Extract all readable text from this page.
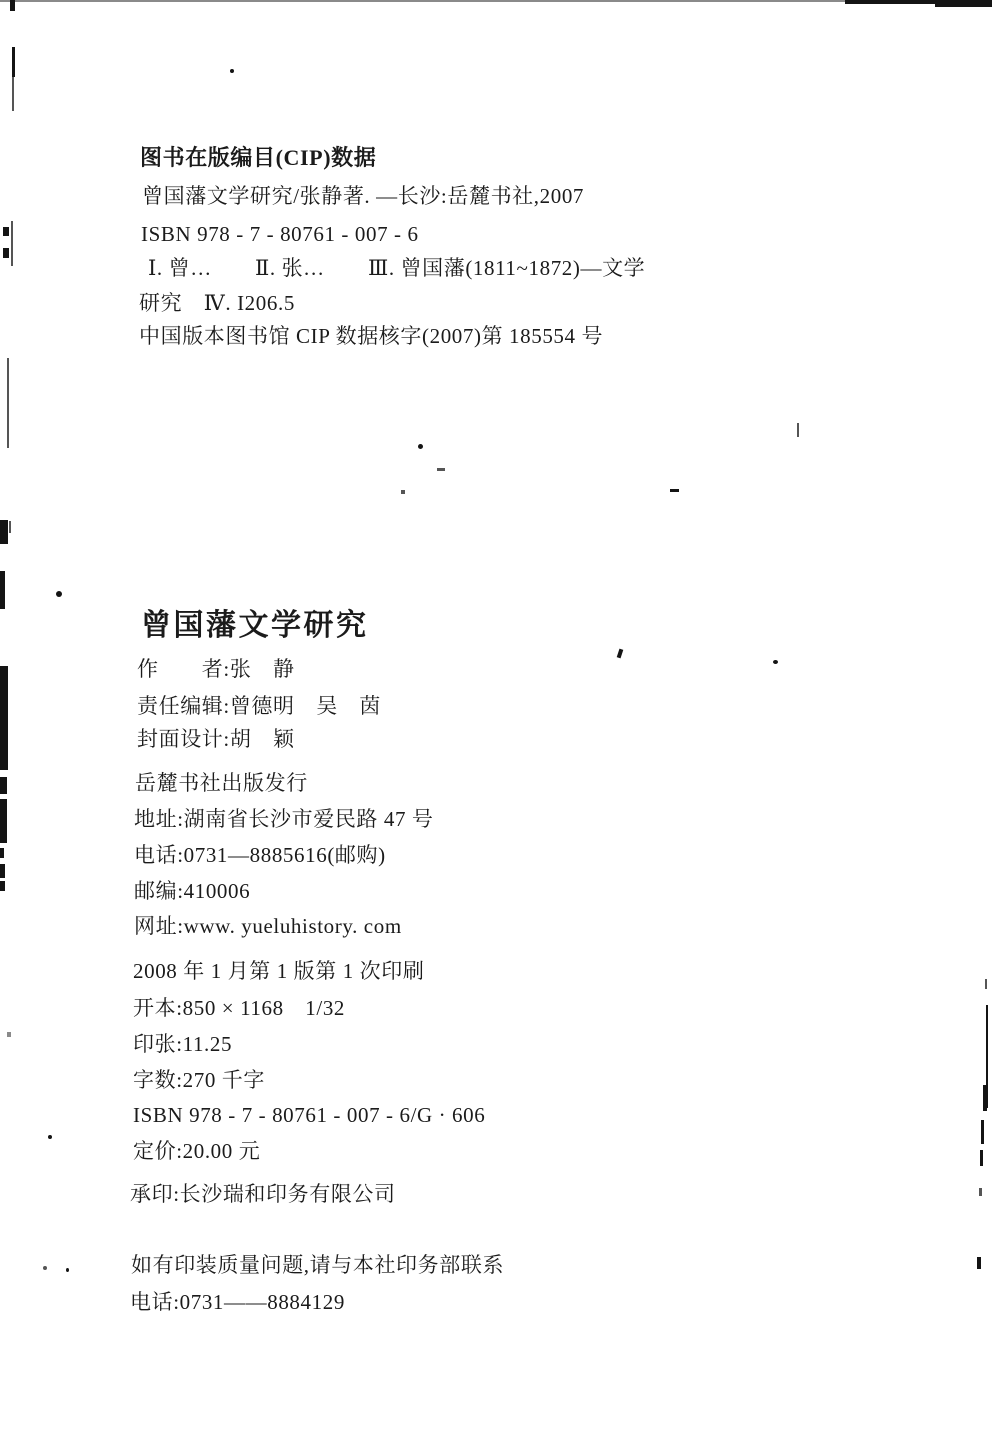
图书在版编目(CIP)数据
曾国藩文学研究/张静著. —长沙:岳麓书社,2007
ISBN 978 - 7 - 80761 - 007 - 6
Ⅰ. 曾…　　Ⅱ. 张…　　Ⅲ. 曾国藩(1811~1872)—文学
研究　Ⅳ. I206.5
中国版本图书馆 CIP 数据核字(2007)第 185554 号
曾国藩文学研究
作　　者:张　静
责任编辑:曾德明　吴　茵
封面设计:胡　颖
岳麓书社出版发行
地址:湖南省长沙市爱民路 47 号
电话:0731—8885616(邮购)
邮编:410006
网址:www. yueluhistory. com
2008 年 1 月第 1 版第 1 次印刷
开本:850 × 1168　1/32
印张:11.25
字数:270 千字
ISBN 978 - 7 - 80761 - 007 - 6/G · 606
定价:20.00 元
承印:长沙瑞和印务有限公司
如有印装质量问题,请与本社印务部联系
电话:0731——8884129
